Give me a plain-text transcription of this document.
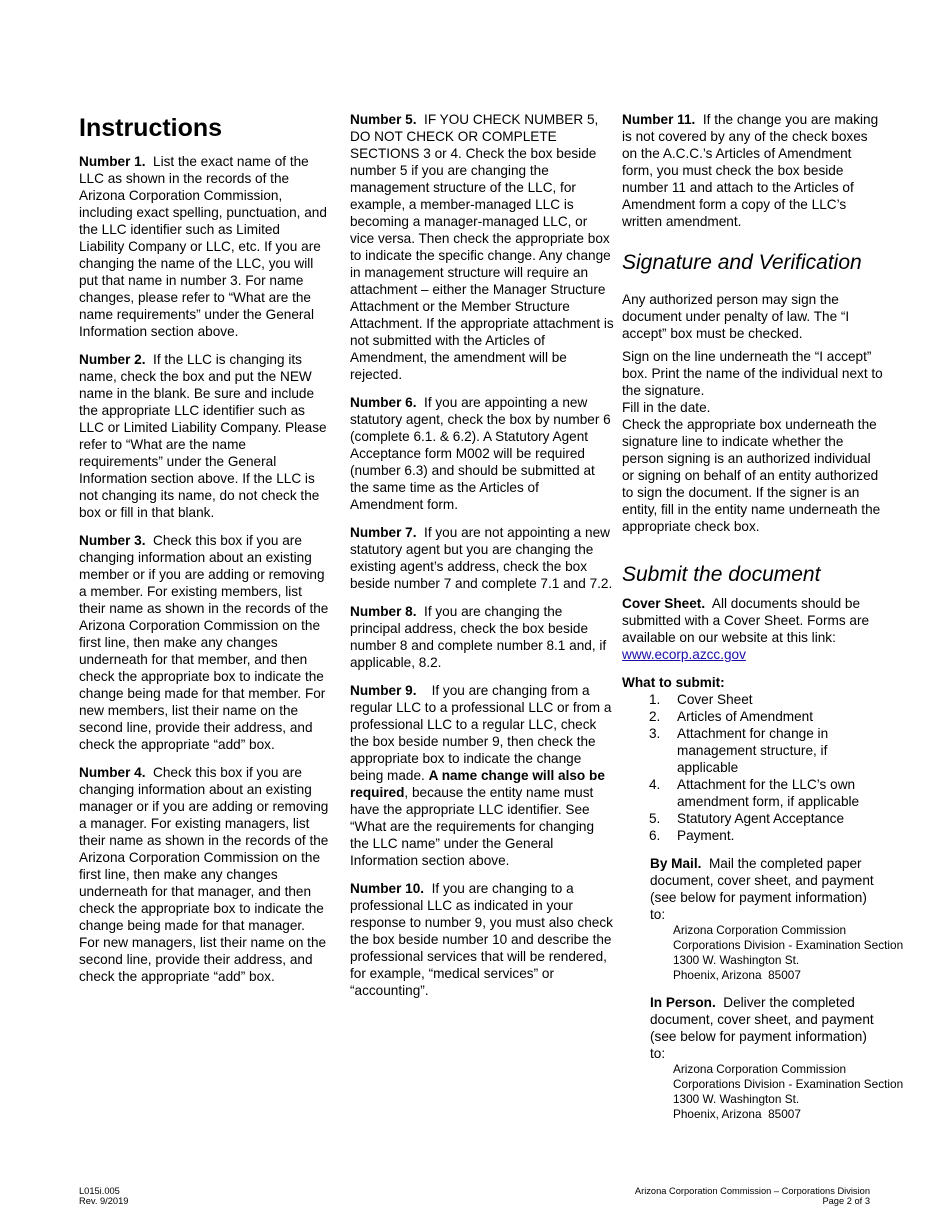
Instructions

Number 1. List the exact name of the LLC as shown in the records of the Arizona Corporation Commission, including exact spelling, punctuation, and the LLC identifier such as Limited Liability Company or LLC, etc. If you are changing the name of the LLC, you will put that name in number 3. For name changes, please refer to “What are the name requirements” under the General Information section above.

Number 2. If the LLC is changing its name, check the box and put the NEW name in the blank. Be sure and include the appropriate LLC identifier such as LLC or Limited Liability Company. Please refer to “What are the name requirements” under the General Information section above. If the LLC is not changing its name, do not check the box or fill in that blank.

Number 3. Check this box if you are changing information about an existing member or if you are adding or removing a member. For existing members, list their name as shown in the records of the Arizona Corporation Commission on the first line, then make any changes underneath for that member, and then check the appropriate box to indicate the change being made for that member. For new members, list their name on the second line, provide their address, and check the appropriate “add” box.

Number 4. Check this box if you are changing information about an existing manager or if you are adding or removing a manager. For existing managers, list their name as shown in the records of the Arizona Corporation Commission on the first line, then make any changes underneath for that manager, and then check the appropriate box to indicate the change being made for that manager. For new managers, list their name on the second line, provide their address, and check the appropriate “add” box.

Number 5. IF YOU CHECK NUMBER 5, DO NOT CHECK OR COMPLETE SECTIONS 3 or 4. Check the box beside number 5 if you are changing the management structure of the LLC, for example, a member-managed LLC is becoming a manager-managed LLC, or vice versa. Then check the appropriate box to indicate the specific change. Any change in management structure will require an attachment – either the Manager Structure Attachment or the Member Structure Attachment. If the appropriate attachment is not submitted with the Articles of Amendment, the amendment will be rejected.

Number 6. If you are appointing a new statutory agent, check the box by number 6 (complete 6.1. & 6.2). A Statutory Agent Acceptance form M002 will be required (number 6.3) and should be submitted at the same time as the Articles of Amendment form.

Number 7. If you are not appointing a new statutory agent but you are changing the existing agent’s address, check the box beside number 7 and complete 7.1 and 7.2.

Number 8. If you are changing the principal address, check the box beside number 8 and complete number 8.1 and, if applicable, 8.2.

Number 9. If you are changing from a regular LLC to a professional LLC or from a professional LLC to a regular LLC, check the box beside number 9, then check the appropriate box to indicate the change being made. A name change will also be required, because the entity name must have the appropriate LLC identifier. See “What are the requirements for changing the LLC name” under the General Information section above.

Number 10. If you are changing to a professional LLC as indicated in your response to number 9, you must also check the box beside number 10 and describe the professional services that will be rendered, for example, “medical services” or “accounting”.

Number 11. If the change you are making is not covered by any of the check boxes on the A.C.C.’s Articles of Amendment form, you must check the box beside number 11 and attach to the Articles of Amendment form a copy of the LLC’s written amendment.

Signature and Verification

Any authorized person may sign the document under penalty of law. The “I accept” box must be checked.

Sign on the line underneath the “I accept” box. Print the name of the individual next to the signature.

Fill in the date.

Check the appropriate box underneath the signature line to indicate whether the person signing is an authorized individual or signing on behalf of an entity authorized to sign the document. If the signer is an entity, fill in the entity name underneath the appropriate check box.

Submit the document

Cover Sheet. All documents should be submitted with a Cover Sheet. Forms are available on our website at this link: www.ecorp.azcc.gov

What to submit:

1. Cover Sheet
2. Articles of Amendment
3. Attachment for change in management structure, if applicable
4. Attachment for the LLC’s own amendment form, if applicable
5. Statutory Agent Acceptance
6. Payment.

By Mail. Mail the completed paper document, cover sheet, and payment (see below for payment information) to:

Arizona Corporation Commission
Corporations Division - Examination Section
1300 W. Washington St.
Phoenix, Arizona  85007

In Person. Deliver the completed document, cover sheet, and payment (see below for payment information) to:

Arizona Corporation Commission
Corporations Division - Examination Section
1300 W. Washington St.
Phoenix, Arizona  85007
L015i.005
Rev. 9/2019
Arizona Corporation Commission – Corporations Division
Page 2 of 3
